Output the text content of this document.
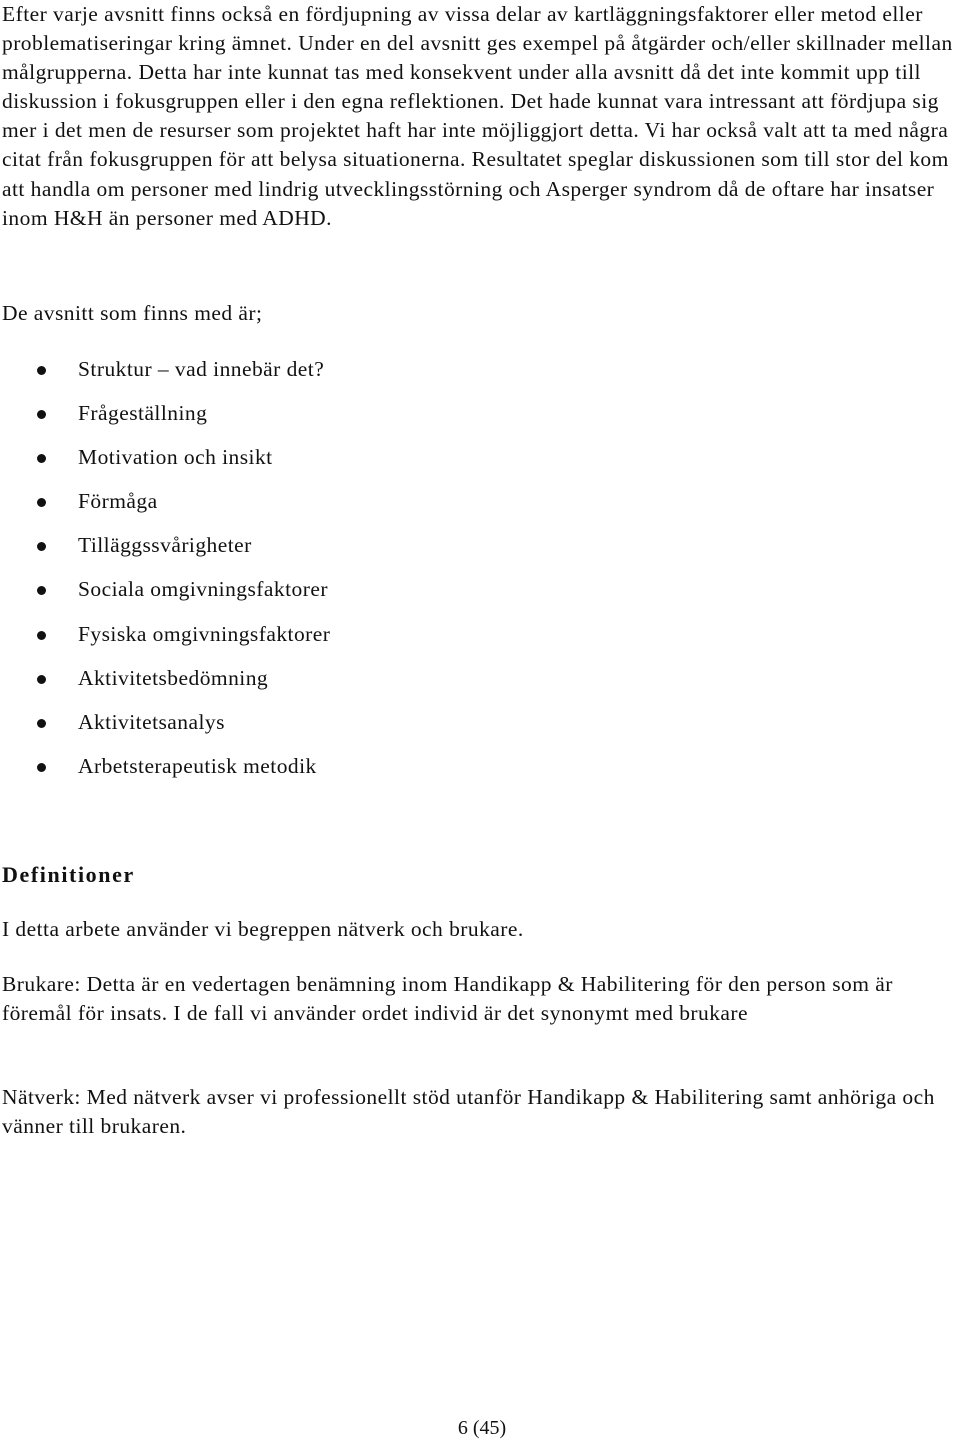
Efter varje avsnitt finns också en fördjupning av vissa delar av kartläggningsfaktorer eller metod eller problematiseringar kring ämnet. Under en del avsnitt ges exempel på åtgärder och/eller skillnader mellan målgrupperna. Detta har inte kunnat tas med konsekvent under alla avsnitt då det inte kommit upp till diskussion i fokusgruppen eller i den egna reflektionen. Det hade kunnat vara intressant att fördjupa sig mer i det men de resurser som projektet haft har inte möjliggjort detta. Vi har också valt att ta med några citat från fokusgruppen för att belysa situationerna. Resultatet speglar diskussionen som till stor del kom att handla om personer med lindrig utvecklingsstörning och Asperger syndrom då de oftare har insatser inom H&H än personer med ADHD.

De avsnitt som finns med är;

Struktur – vad innebär det?
Frågeställning
Motivation och insikt
Förmåga
Tilläggssvårigheter
Sociala omgivningsfaktorer
Fysiska omgivningsfaktorer
Aktivitetsbedömning
Aktivitetsanalys
Arbetsterapeutisk metodik
Definitioner

I detta arbete använder vi begreppen nätverk och brukare.

Brukare: Detta är en vedertagen benämning inom Handikapp & Habilitering för den person som är föremål för insats. I de fall vi använder ordet individ är det synonymt med brukare

Nätverk: Med nätverk avser vi professionellt stöd utanför Handikapp & Habilitering samt anhöriga och vänner till brukaren.

6 (45)
